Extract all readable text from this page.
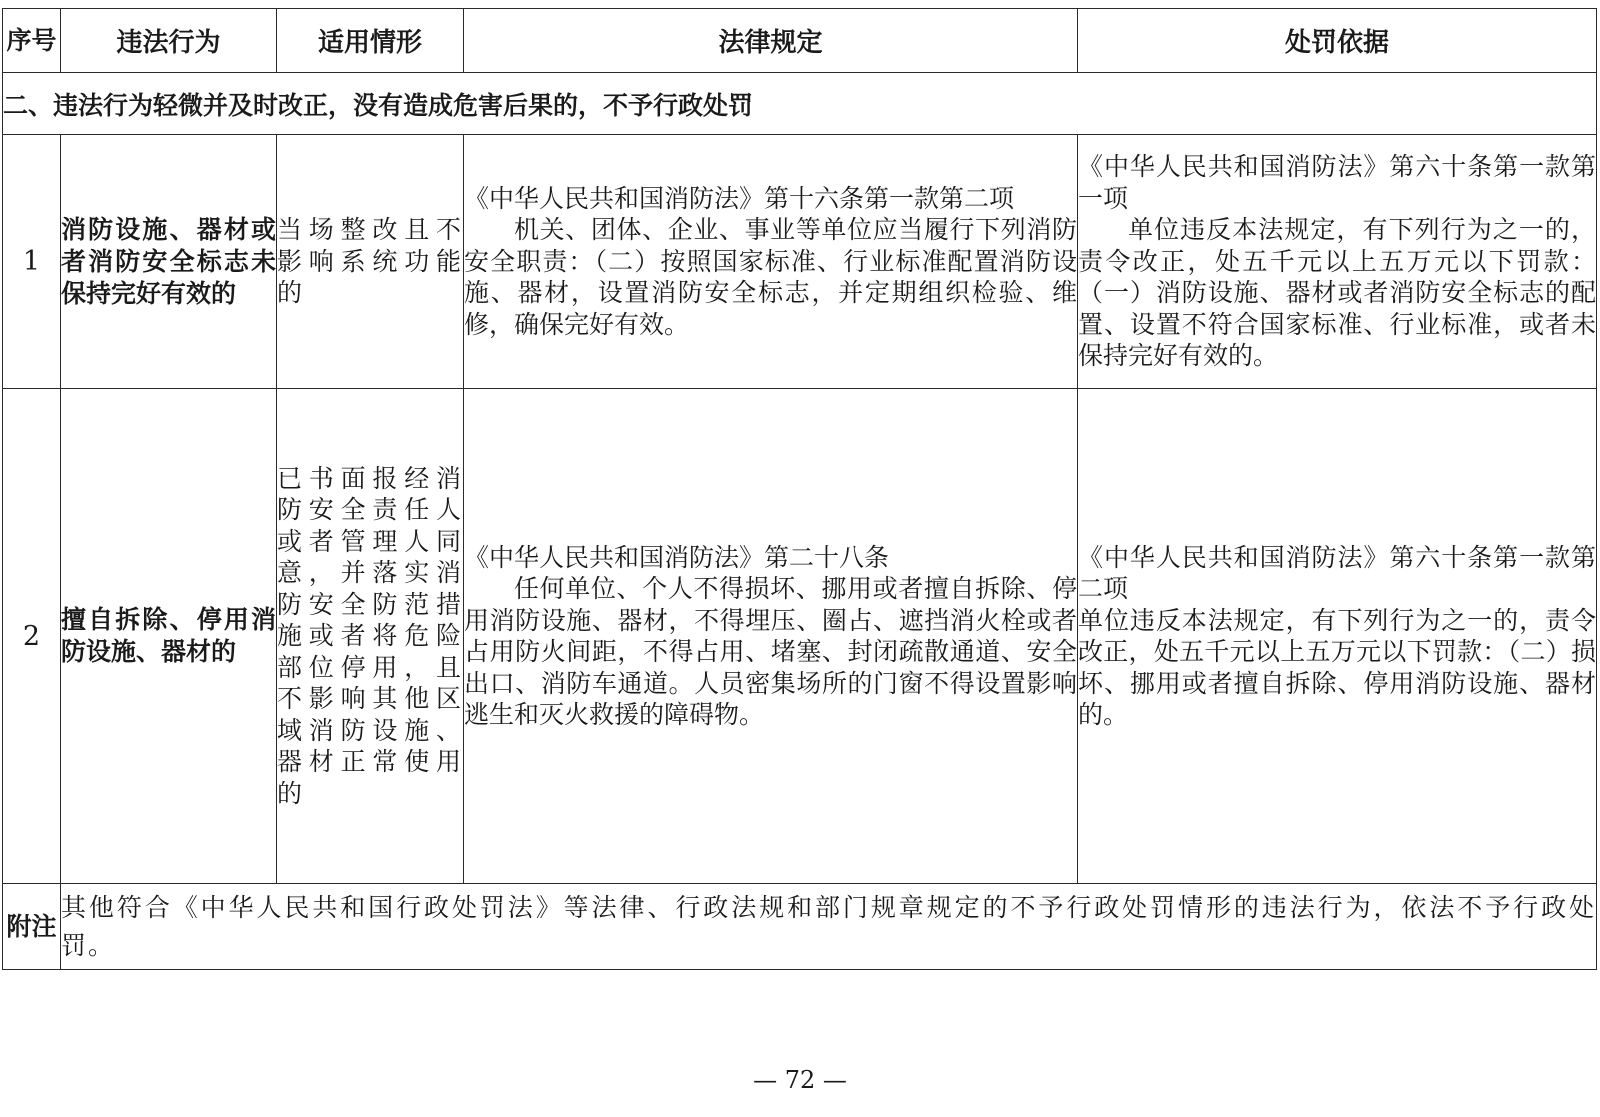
序号	违法行为	适用情形	法律规定	处罚依据
二、违法行为轻微并及时改正，没有造成危害后果的，不予行政处罚				
1	消防设施、器材或者消防安全标志未保持完好有效的	当场整改且不影响系统功能的	《中华人民共和国消防法》第十六条第一款第二项
机关、团体、企业、事业等单位应当履行下列消防安全职责：（二）按照国家标准、行业标准配置消防设施、器材，设置消防安全标志，并定期组织检验、维修，确保完好有效。	《中华人民共和国消防法》第六十条第一款第一项
单位违反本法规定，有下列行为之一的，责令改正，处五千元以上五万元以下罚款：（一）消防设施、器材或者消防安全标志的配置、设置不符合国家标准、行业标准，或者未保持完好有效的。

2	擅自拆除、停用消防设施、器材的	已书面报经消防安全责任人或者管理人同意，并落实消防安全防范措施或者将危险部位停用，且不影响其他区域消防设施、器材正常使用的	《中华人民共和国消防法》第二十八条
任何单位、个人不得损坏、挪用或者擅自拆除、停用消防设施、器材，不得埋压、圈占、遮挡消火栓或者占用防火间距，不得占用、堵塞、封闭疏散通道、安全出口、消防车通道。人员密集场所的门窗不得设置影响逃生和灭火救援的障碍物。	《中华人民共和国消防法》第六十条第一款第二项
单位违反本法规定，有下列行为之一的，责令改正，处五千元以上五万元以下罚款：（二）损坏、挪用或者擅自拆除、停用消防设施、器材的。

附注	其他符合《中华人民共和国行政处罚法》等法律、行政法规和部门规章规定的不予行政处罚情形的违法行为，依法不予行政处罚。			
— 72 —
